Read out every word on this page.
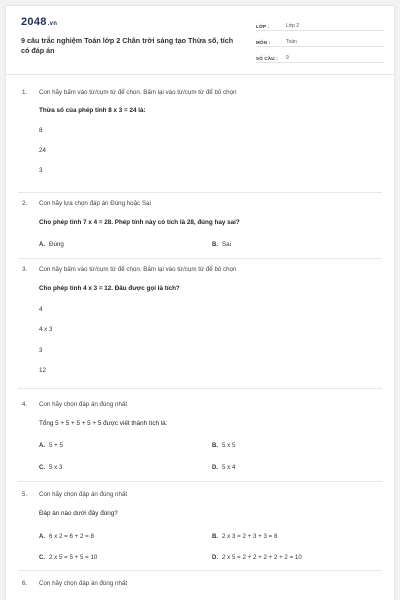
2048.vn
9 câu trắc nghiệm Toán lớp 2 Chân trời sáng tạo Thừa số, tích có đáp án
LỚP :	Lớp 2
MÔN :	Toán
SỐ CÂU :	9
1. Con hãy bấm vào từ/cụm từ để chọn. Bấm lại vào từ/cụm từ để bỏ chọn
Thừa số của phép tính 8 x 3 = 24 là:
8
24
3
2. Con hãy lựa chọn đáp án Đúng hoặc Sai
Cho phép tính 7 x 4 = 28. Phép tính này có tích là 28, đúng hay sai?
A. Đúng	B. Sai
3. Con hãy bấm vào từ/cụm từ để chọn. Bấm lại vào từ/cụm từ để bỏ chọn
Cho phép tính 4 x 3 = 12. Đâu được gọi là tích?
4
4 x 3
3
12
4. Con hãy chọn đáp án đúng nhất
Tổng 5 + 5 + 5 + 5 + 5 được viết thành tích là:
A. 5 + 5	B. 5 x 5
C. 5 x 3	D. 5 x 4
5. Con hãy chọn đáp án đúng nhất
Đáp án nào dưới đây đúng?
A. 6 x 2 = 6 + 2 = 8	B. 2 x 3 = 2 + 3 + 3 = 8
C. 2 x 5 = 5 + 5 = 10	D. 2 x 5 = 2 + 2 + 2 + 2 + 2 = 10
6. Con hãy chọn đáp án đúng nhất
